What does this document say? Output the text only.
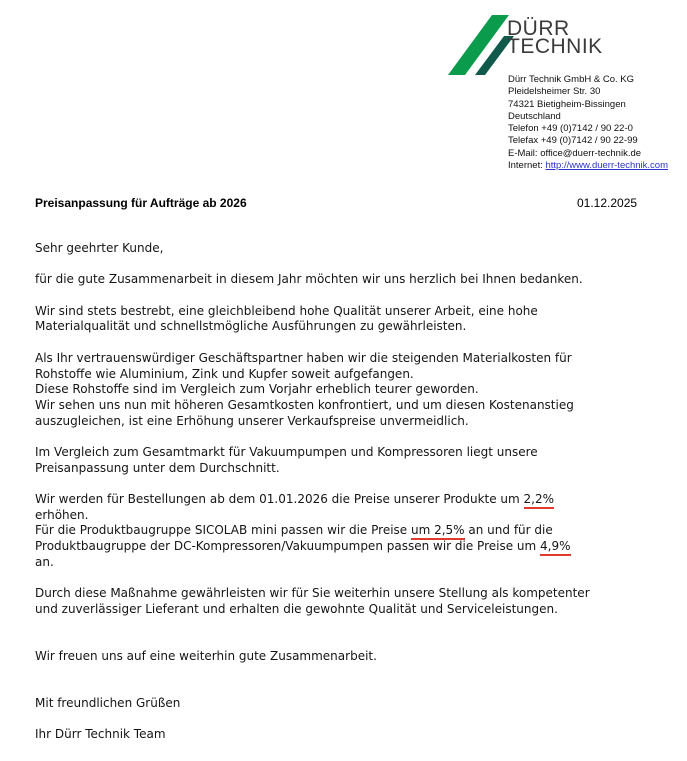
DÜRR
TECHNIK
Dürr Technik GmbH & Co. KG
Pleidelsheimer Str. 30
74321 Bietigheim-Bissingen
Deutschland
Telefon +49 (0)7142 / 90 22-0
Telefax +49 (0)7142 / 90 22-99
E-Mail: office@duerr-technik.de
Internet: http://www.duerr-technik.com
Preisanpassung für Aufträge ab 2026	01.12.2025
Sehr geehrter Kunde,
für die gute Zusammenarbeit in diesem Jahr möchten wir uns herzlich bei Ihnen bedanken.
Wir sind stets bestrebt, eine gleichbleibend hohe Qualität unserer Arbeit, eine hohe
Materialqualität und schnellstmögliche Ausführungen zu gewährleisten.
Als Ihr vertrauenswürdiger Geschäftspartner haben wir die steigenden Materialkosten für
Rohstoffe wie Aluminium, Zink und Kupfer soweit aufgefangen.
Diese Rohstoffe sind im Vergleich zum Vorjahr erheblich teurer geworden.
Wir sehen uns nun mit höheren Gesamtkosten konfrontiert, und um diesen Kostenanstieg
auszugleichen, ist eine Erhöhung unserer Verkaufspreise unvermeidlich.
Im Vergleich zum Gesamtmarkt für Vakuumpumpen und Kompressoren liegt unsere
Preisanpassung unter dem Durchschnitt.
Wir werden für Bestellungen ab dem 01.01.2026 die Preise unserer Produkte um 2,2%
erhöhen.
Für die Produktbaugruppe SICOLAB mini passen wir die Preise um 2,5% an und für die
Produktbaugruppe der DC-Kompressoren/Vakuumpumpen passen wir die Preise um 4,9%
an.
Durch diese Maßnahme gewährleisten wir für Sie weiterhin unsere Stellung als kompetenter
und zuverlässiger Lieferant und erhalten die gewohnte Qualität und Serviceleistungen.
Wir freuen uns auf eine weiterhin gute Zusammenarbeit.
Mit freundlichen Grüßen
Ihr Dürr Technik Team
